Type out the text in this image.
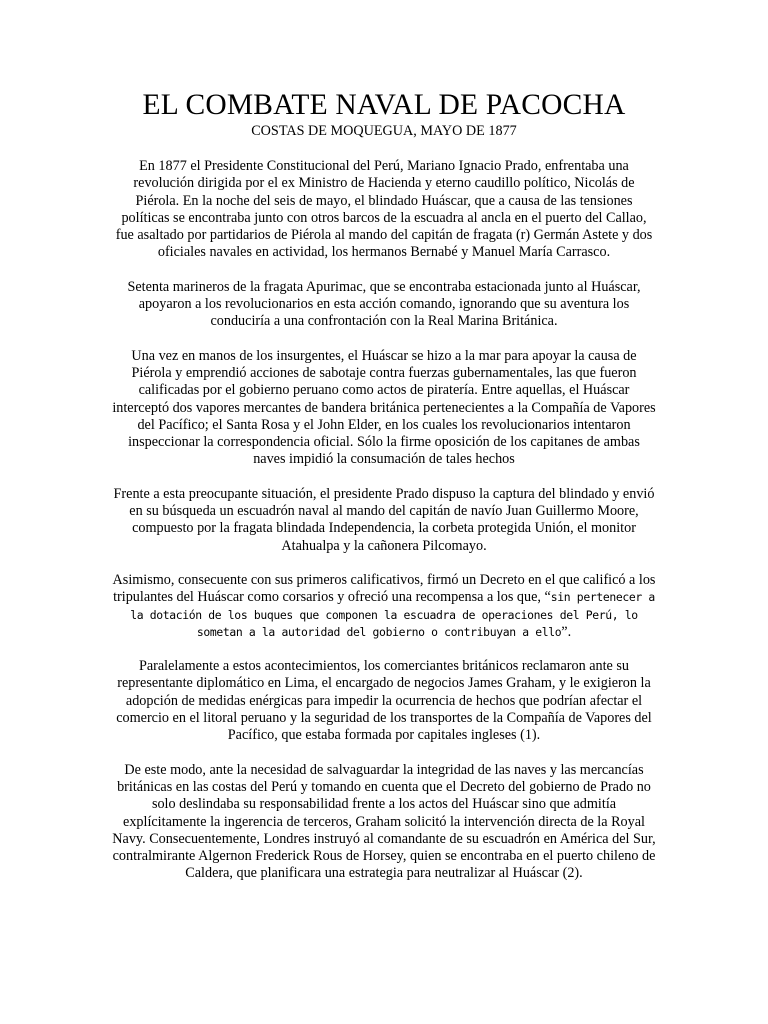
EL COMBATE NAVAL DE PACOCHA

COSTAS DE MOQUEGUA, MAYO DE 1877

En 1877 el Presidente Constitucional del Perú, Mariano Ignacio Prado, enfrentaba una revolución dirigida por el ex Ministro de Hacienda y eterno caudillo político, Nicolás de Piérola. En la noche del seis de mayo, el blindado Huáscar, que a causa de las tensiones políticas se encontraba junto con otros barcos de la escuadra al ancla en el puerto del Callao, fue asaltado por partidarios de Piérola al mando del capitán de fragata (r) Germán Astete y dos oficiales navales en actividad, los hermanos Bernabé y Manuel María Carrasco.

Setenta marineros de la fragata Apurimac, que se encontraba estacionada junto al Huáscar, apoyaron a los revolucionarios en esta acción comando, ignorando que su aventura los conduciría a una confrontación con la Real Marina Británica.

Una vez en manos de los insurgentes, el Huáscar se hizo a la mar para apoyar la causa de Piérola y emprendió acciones de sabotaje contra fuerzas gubernamentales, las que fueron calificadas por el gobierno peruano como actos de piratería. Entre aquellas, el Huáscar interceptó dos vapores mercantes de bandera británica pertenecientes a la Compañía de Vapores del Pacífico; el Santa Rosa y el John Elder, en los cuales los revolucionarios intentaron inspeccionar la correspondencia oficial. Sólo la firme oposición de los capitanes de ambas naves impidió la consumación de tales hechos

Frente a esta preocupante situación, el presidente Prado dispuso la captura del blindado y envió en su búsqueda un escuadrón naval al mando del capitán de navío Juan Guillermo Moore, compuesto por la fragata blindada Independencia, la corbeta protegida Unión, el monitor Atahualpa y la cañonera Pilcomayo.

Asimismo, consecuente con sus primeros calificativos, firmó un Decreto en el que calificó a los tripulantes del Huáscar como corsarios y ofreció una recompensa a los que, “sin pertenecer a la dotación de los buques que componen la escuadra de operaciones del Perú, lo sometan a la autoridad del gobierno o contribuyan a ello”.

Paralelamente a estos acontecimientos, los comerciantes británicos reclamaron ante su representante diplomático en Lima, el encargado de negocios James Graham, y le exigieron la adopción de medidas enérgicas para impedir la ocurrencia de hechos que podrían afectar el comercio en el litoral peruano y la seguridad de los transportes de la Compañía de Vapores del Pacífico, que estaba formada por capitales ingleses (1).

De este modo, ante la necesidad de salvaguardar la integridad de las naves y las mercancías británicas en las costas del Perú y tomando en cuenta que el Decreto del gobierno de Prado no solo deslindaba su responsabilidad frente a los actos del Huáscar sino que admitía explícitamente la ingerencia de terceros, Graham solicitó la intervención directa de la Royal Navy. Consecuentemente, Londres instruyó al comandante de su escuadrón en América del Sur, contralmirante Algernon Frederick Rous de Horsey, quien se encontraba en el puerto chileno de Caldera, que planificara una estrategia para neutralizar al Huáscar (2).
